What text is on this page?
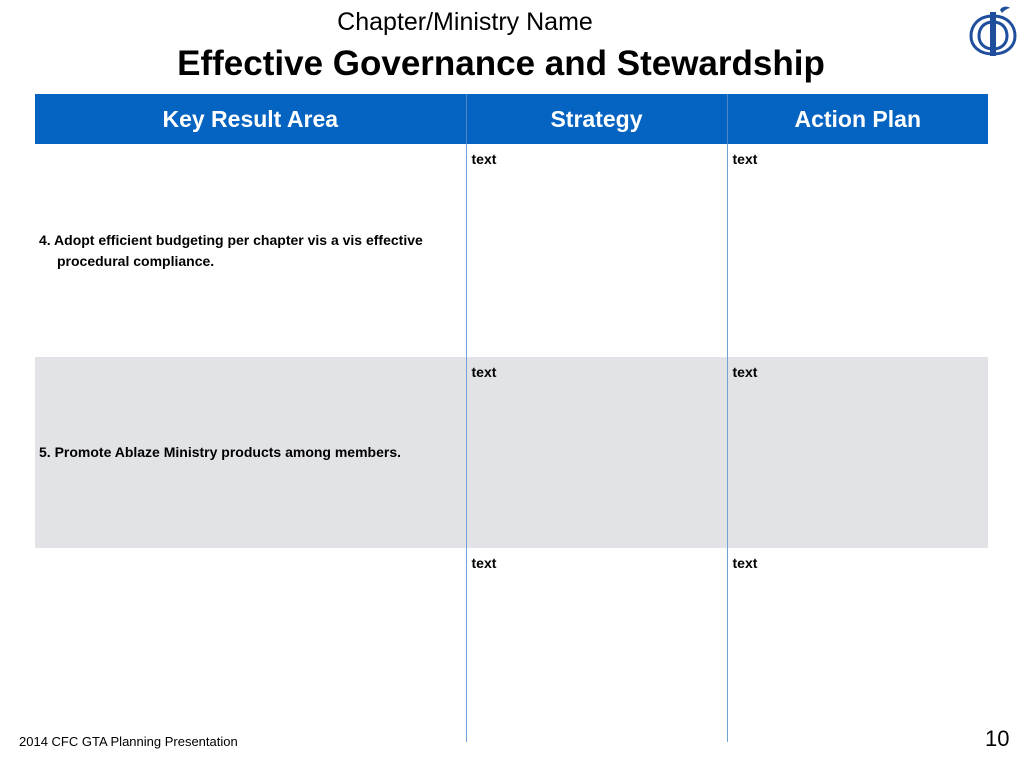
Chapter/Ministry Name
Effective Governance and Stewardship
Key Result Area	Strategy	Action Plan

4. Adopt efficient budgeting per chapter vis a vis effective procedural compliance.	text	text

5. Promote Ablaze Ministry products among members.	text	text

	text	text
2014 CFC GTA Planning Presentation	10
